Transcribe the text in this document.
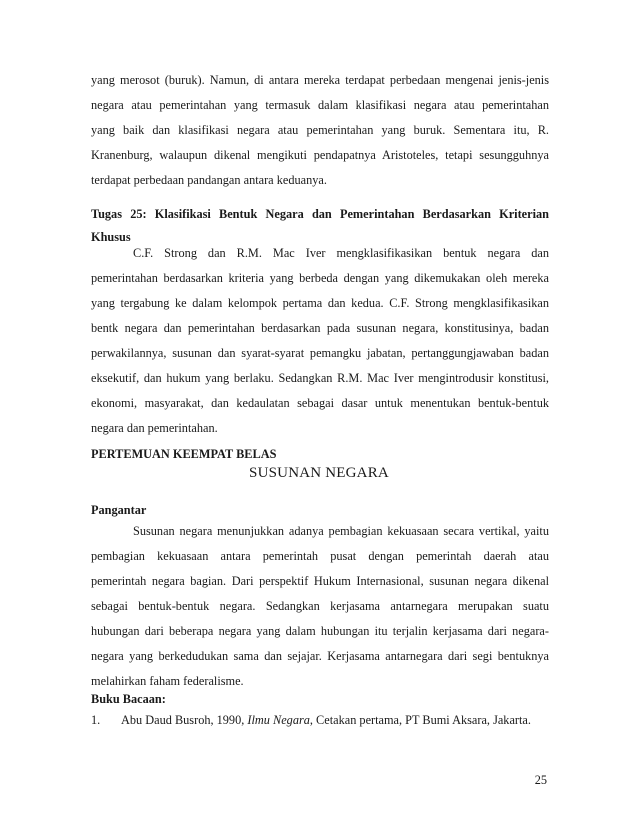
yang merosot (buruk). Namun, di antara mereka terdapat perbedaan mengenai jenis-jenis

negara atau pemerintahan yang termasuk dalam klasifikasi negara atau pemerintahan

yang baik dan klasifikasi negara atau pemerintahan yang buruk. Sementara itu, R.

Kranenburg, walaupun dikenal mengikuti pendapatnya Aristoteles, tetapi sesungguhnya

terdapat perbedaan pandangan antara keduanya.

Tugas 25: Klasifikasi Bentuk Negara dan Pemerintahan Berdasarkan Kriterian

Khusus

C.F. Strong dan R.M. Mac Iver mengklasifikasikan bentuk negara dan

pemerintahan berdasarkan kriteria yang berbeda dengan yang dikemukakan oleh mereka

yang tergabung ke dalam kelompok pertama dan kedua. C.F. Strong mengklasifikasikan

bentk negara dan pemerintahan berdasarkan pada susunan negara, konstitusinya, badan

perwakilannya, susunan dan syarat-syarat pemangku jabatan, pertanggungjawaban badan

eksekutif, dan hukum yang berlaku. Sedangkan R.M. Mac Iver mengintrodusir konstitusi,

ekonomi, masyarakat, dan kedaulatan sebagai dasar untuk menentukan bentuk-bentuk

negara dan pemerintahan.

PERTEMUAN KEEMPAT BELAS

SUSUNAN NEGARA

Pangantar

Susunan negara menunjukkan adanya pembagian kekuasaan secara vertikal, yaitu

pembagian kekuasaan antara pemerintah pusat dengan pemerintah daerah atau

pemerintah negara bagian. Dari perspektif Hukum Internasional, susunan negara dikenal

sebagai bentuk-bentuk negara. Sedangkan kerjasama antarnegara merupakan suatu

hubungan dari beberapa negara yang dalam hubungan itu terjalin kerjasama dari negara-

negara yang berkedudukan sama dan sejajar. Kerjasama antarnegara dari segi bentuknya

melahirkan faham federalisme.

Buku Bacaan:

1. Abu Daud Busroh, 1990, Ilmu Negara, Cetakan pertama, PT Bumi Aksara, Jakarta.
25
